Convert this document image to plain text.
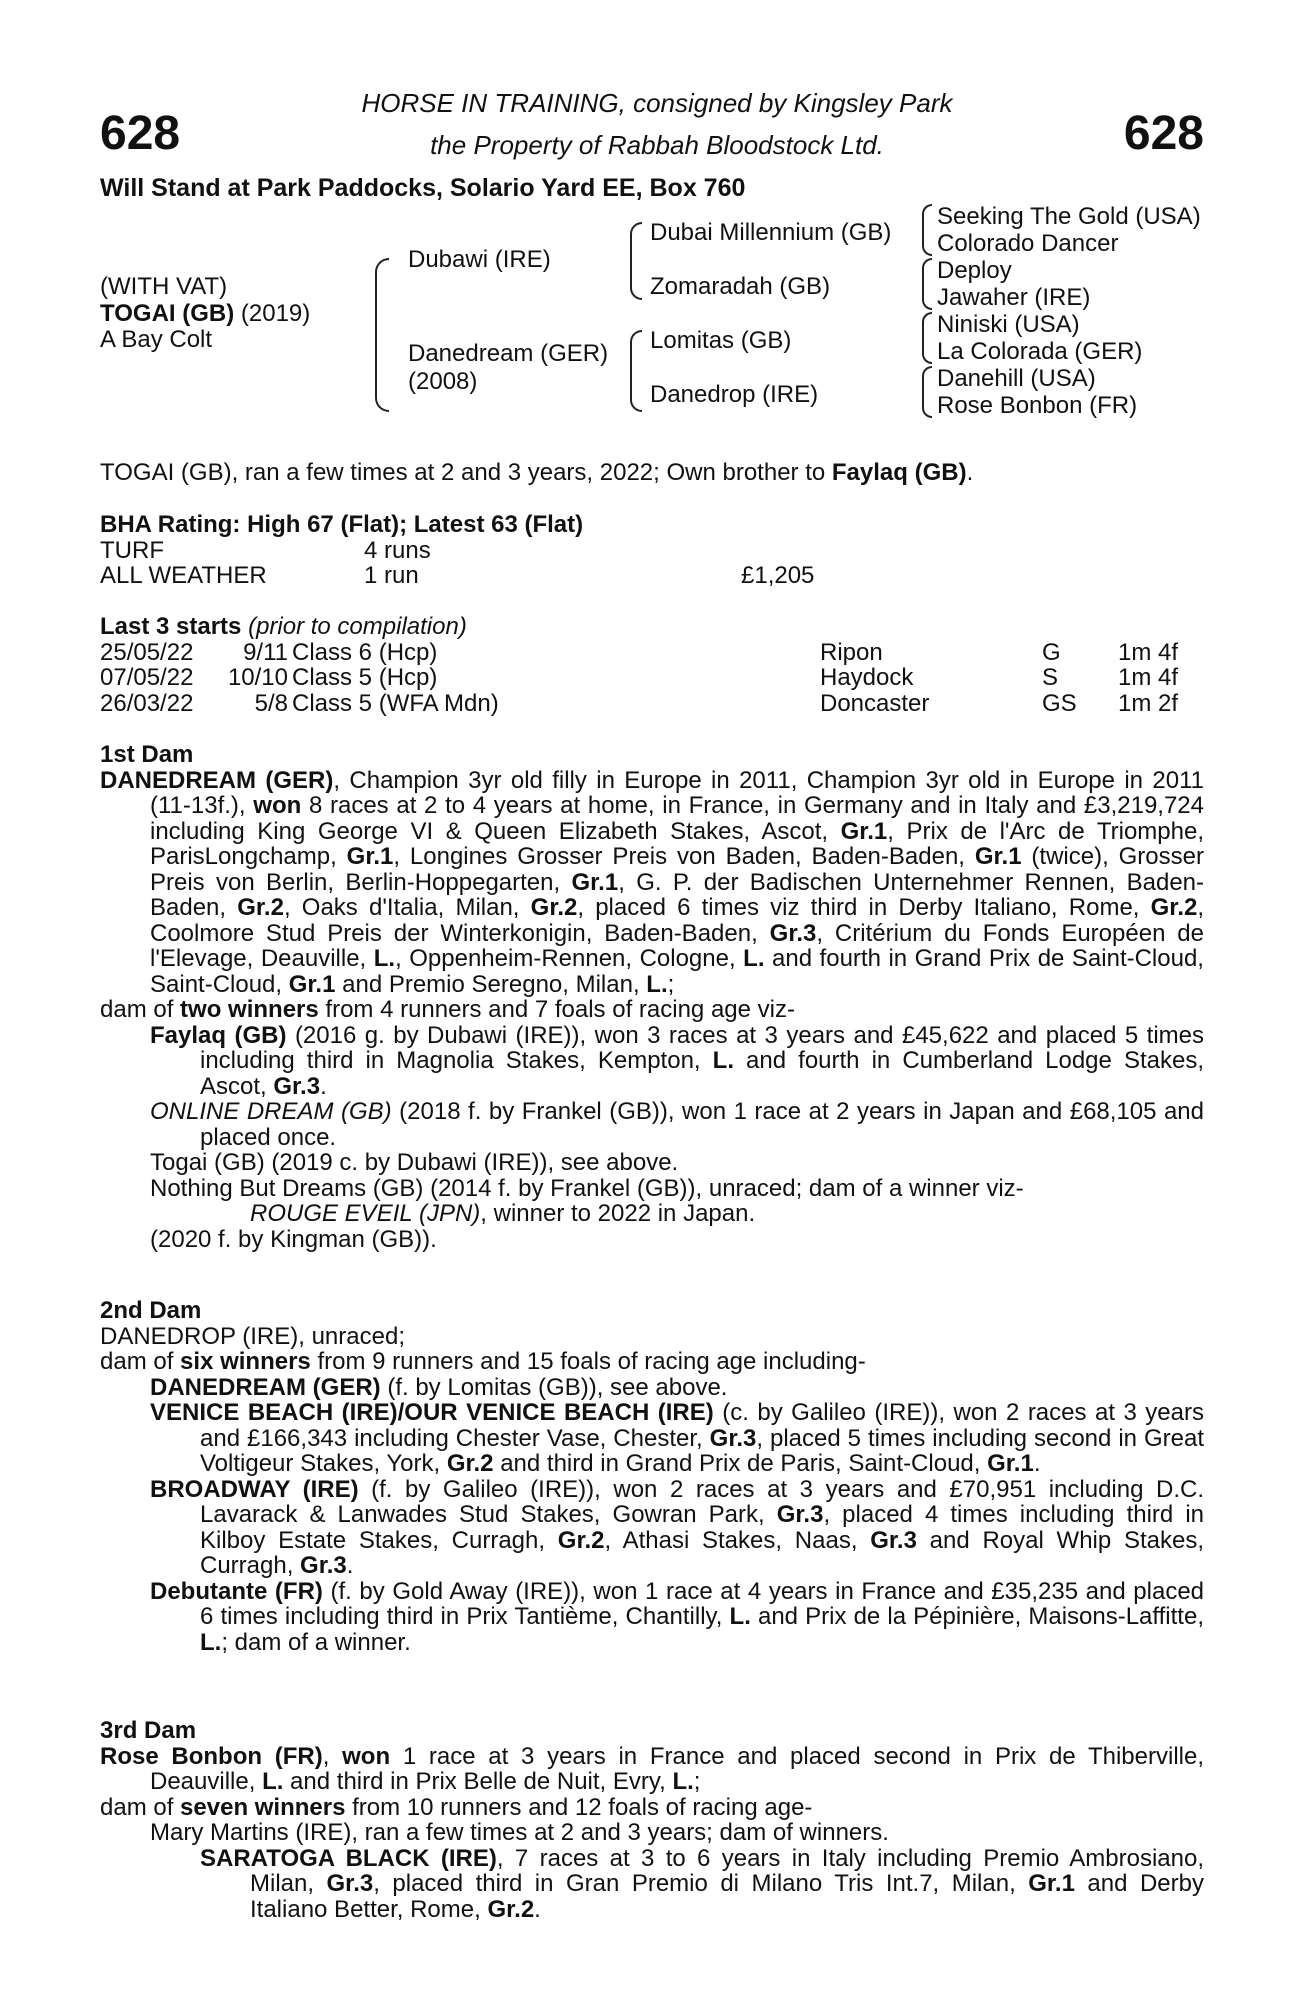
628	628
HORSE IN TRAINING, consigned by Kingsley Park
the Property of Rabbah Bloodstock Ltd.
Will Stand at Park Paddocks, Solario Yard EE, Box 760
(WITH VAT)
TOGAI (GB) (2019)
A Bay Colt
Dubawi (IRE)
Danedream (GER)
(2008)
Dubai Millennium (GB)
Zomaradah (GB)
Lomitas (GB)
Danedrop (IRE)
Seeking The Gold (USA)
Colorado Dancer
Deploy
Jawaher (IRE)
Niniski (USA)
La Colorada (GER)
Danehill (USA)
Rose Bonbon (FR)
TOGAI (GB), ran a few times at 2 and 3 years, 2022; Own brother to Faylaq (GB).
BHA Rating: High 67 (Flat); Latest 63 (Flat)
TURF	4 runs
ALL WEATHER	1 run	£1,205
Last 3 starts (prior to compilation)
25/05/22	9/11 Class 6 (Hcp)	Ripon	G 1m 4f
07/05/22	10/10 Class 5 (Hcp)	Haydock	S 1m 4f
26/03/22	5/8 Class 5 (WFA Mdn)	Doncaster	GS 1m 2f
1st Dam

DANEDREAM (GER), Champion 3yr old filly in Europe in 2011, Champion 3yr old in Europe in 2011 (11-13f.), won 8 races at 2 to 4 years at home, in France, in Germany and in Italy and £3,219,724 including King George VI & Queen Elizabeth Stakes, Ascot, Gr.1, Prix de l'Arc de Triomphe, ParisLongchamp, Gr.1, Longines Grosser Preis von Baden, Baden-Baden, Gr.1 (twice), Grosser Preis von Berlin, Berlin-Hoppegarten, Gr.1, G. P. der Badischen Unternehmer Rennen, Baden-Baden, Gr.2, Oaks d'Italia, Milan, Gr.2, placed 6 times viz third in Derby Italiano, Rome, Gr.2, Coolmore Stud Preis der Winterkonigin, Baden-Baden, Gr.3, Critérium du Fonds Européen de l'Elevage, Deauville, L., Oppenheim-Rennen, Cologne, L. and fourth in Grand Prix de Saint-Cloud, Saint-Cloud, Gr.1 and Premio Seregno, Milan, L.;

dam of two winners from 4 runners and 7 foals of racing age viz-

Faylaq (GB) (2016 g. by Dubawi (IRE)), won 3 races at 3 years and £45,622 and placed 5 times including third in Magnolia Stakes, Kempton, L. and fourth in Cumberland Lodge Stakes, Ascot, Gr.3.

ONLINE DREAM (GB) (2018 f. by Frankel (GB)), won 1 race at 2 years in Japan and £68,105 and placed once.

Togai (GB) (2019 c. by Dubawi (IRE)), see above.

Nothing But Dreams (GB) (2014 f. by Frankel (GB)), unraced; dam of a winner viz-

ROUGE EVEIL (JPN), winner to 2022 in Japan.

(2020 f. by Kingman (GB)).

2nd Dam

DANEDROP (IRE), unraced;

dam of six winners from 9 runners and 15 foals of racing age including-

DANEDREAM (GER) (f. by Lomitas (GB)), see above.

VENICE BEACH (IRE)/OUR VENICE BEACH (IRE) (c. by Galileo (IRE)), won 2 races at 3 years and £166,343 including Chester Vase, Chester, Gr.3, placed 5 times including second in Great Voltigeur Stakes, York, Gr.2 and third in Grand Prix de Paris, Saint-Cloud, Gr.1.

BROADWAY (IRE) (f. by Galileo (IRE)), won 2 races at 3 years and £70,951 including D.C. Lavarack & Lanwades Stud Stakes, Gowran Park, Gr.3, placed 4 times including third in Kilboy Estate Stakes, Curragh, Gr.2, Athasi Stakes, Naas, Gr.3 and Royal Whip Stakes, Curragh, Gr.3.

Debutante (FR) (f. by Gold Away (IRE)), won 1 race at 4 years in France and £35,235 and placed 6 times including third in Prix Tantième, Chantilly, L. and Prix de la Pépinière, Maisons-Laffitte, L.; dam of a winner.

3rd Dam

Rose Bonbon (FR), won 1 race at 3 years in France and placed second in Prix de Thiberville, Deauville, L. and third in Prix Belle de Nuit, Evry, L.;

dam of seven winners from 10 runners and 12 foals of racing age-

Mary Martins (IRE), ran a few times at 2 and 3 years; dam of winners.

SARATOGA BLACK (IRE), 7 races at 3 to 6 years in Italy including Premio Ambrosiano, Milan, Gr.3, placed third in Gran Premio di Milano Tris Int.7, Milan, Gr.1 and Derby Italiano Better, Rome, Gr.2.
